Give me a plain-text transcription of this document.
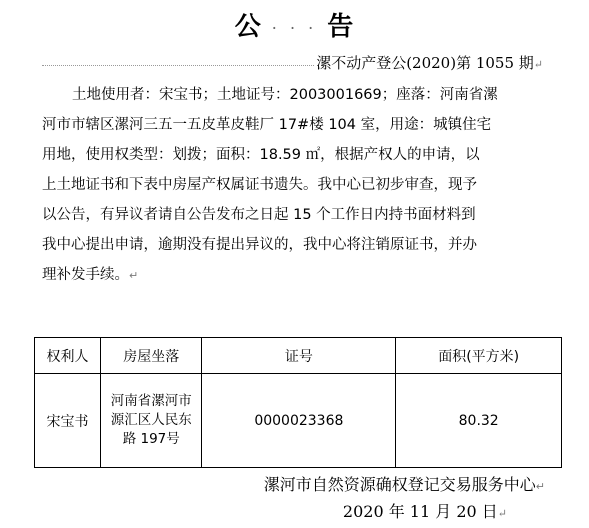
公 · · · 告
漯不动产登公(2020)第 1055 期↵
土地使用者：宋宝书；土地证号：2003001669；座落：河南省漯
河市市辖区漯河三五一五皮革皮鞋厂 17#楼 104 室，用途：城镇住宅
用地，使用权类型：划拨；面积：18.59 ㎡，根据产权人的申请，以
上土地证书和下表中房屋产权属证书遗失。我中心已初步审查，现予
以公告，有异议者请自公告发布之日起 15 个工作日内持书面材料到
我中心提出申请，逾期没有提出异议的，我中心将注销原证书，并办
理补发手续。↵
权利人	房屋坐落	证号	面积(平方米)
宋宝书	河南省漯河市源汇区人民东路 197号	0000023368	80.32
漯河市自然资源确权登记交易服务中心↵
2020 年 11 月 20 日↵
